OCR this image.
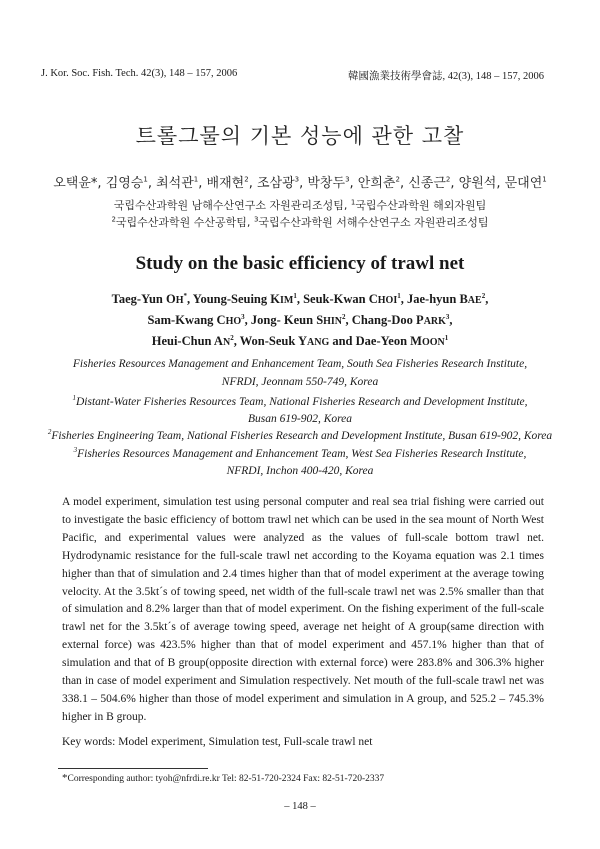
J. Kor. Soc. Fish. Tech. 42(3), 148 – 157, 2006	韓國漁業技術學會誌, 42(3), 148 – 157, 2006
트롤그물의 기본 성능에 관한 고찰
오택윤*, 김영승$^1$, 최석관$^1$, 배재현$^2$, 조삼광$^3$, 박창두$^3$, 안희춘$^2$, 신종근$^2$, 양원석, 문대연$^1$
국립수산과학원 남해수산연구소 자원관리조성팀, $^1$국립수산과학원 해외자원팀
$^2$국립수산과학원 수산공학팀, $^3$국립수산과학원 서해수산연구소 자원관리조성팀
Study on the basic efficiency of trawl net
Taeg-Yun OH*, Young-Seuing KIM$^1$, Seuk-Kwan CHOI$^1$, Jae-hyun BAE$^2$,
Sam-Kwang CHO$^3$, Jong- Keun SHIN$^2$, Chang-Doo PARK$^3$,
Heui-Chun $AN^2$, Won-Seuk YANG and Dae-Yeon MOON$^1$
Fisheries Resources Management and Enhancement Team, South Sea Fisheries Research Institute,
NFRDI, Jeonnam 550-749, Korea
$^1$Distant-Water Fisheries Resources Team, National Fisheries Research and Development Institute,
Busan 619-902, Korea
$^2$Fisheries Engineering Team, National Fisheries Research and Development Institute, Busan 619-902, Korea
$^3$Fisheries Resources Management and Enhancement Team, West Sea Fisheries Research Institute,
NFRDI, Inchon 400-420, Korea

A model experiment, simulation test using personal computer and real sea trial fishing were carried out to investigate the basic efficiency of bottom trawl net which can be used in the sea mount of North West Pacific, and experimental values were analyzed as the values of full-scale bottom trawl net. Hydrodynamic resistance for the full-scale trawl net according to the Koyama equation was 2.1 times higher than that of simulation and 2.4 times higher than that of model experiment at the average towing velocity. At the 3.5kt´s of towing speed, net width of the full-scale trawl net was 2.5% smaller than that of simulation and 8.2% larger than that of model experiment. On the fishing experiment of the full-scale trawl net for the 3.5kt´s of average towing speed, average net height of A group(same direction with external force) was 423.5% higher than that of model experiment and 457.1% higher than that of simulation and that of B group(opposite direction with external force) were 283.8% and 306.3% higher than in case of model experiment and Simulation respectively. Net mouth of the full-scale trawl net was 338.1 – 504.6% higher than those of model experiment and simulation in A group, and 525.2 – 745.3% higher in B group.

Key words: Model experiment, Simulation test, Full-scale trawl net
*Corresponding author: tyoh@nfrdi.re.kr Tel: 82-51-720-2324 Fax: 82-51-720-2337
– 148 –
